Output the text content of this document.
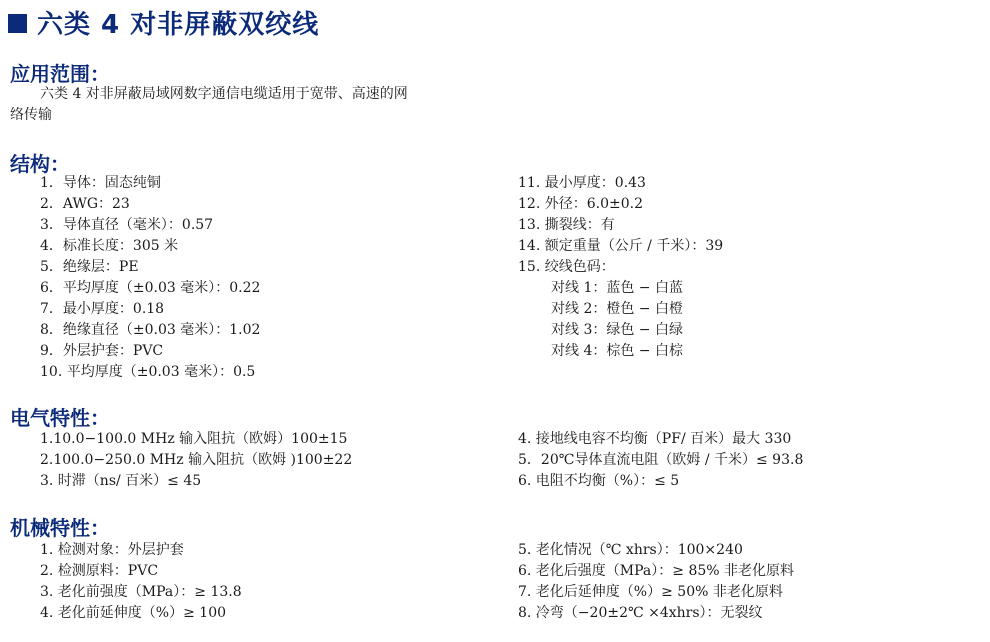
六类 4 对非屏蔽双绞线
应用范围：
六类 4 对非屏蔽局域网数字通信电缆适用于宽带、高速的网
络传输
结构：
1．导体：固态纯铜
2．AWG：23
3．导体直径（毫米）：0.57
4．标准长度：305 米
5．绝缘层：PE
6．平均厚度（±0.03 毫米）：0.22
7．最小厚度：0.18
8．绝缘直径（±0.03 毫米）：1.02
9．外层护套：PVC
10. 平均厚度（±0.03 毫米）：0.5
11. 最小厚度：0.43
12. 外径：6.0±0.2
13. 撕裂线：有
14. 额定重量（公斤 / 千米）：39
15. 绞线色码：
对线 1：蓝色 − 白蓝
对线 2：橙色 − 白橙
对线 3：绿色 − 白绿
对线 4：棕色 − 白棕
电气特性：
1.10.0−100.0 MHz 输入阻抗（欧姆）100±15
2.100.0−250.0 MHz 输入阻抗（欧姆 )100±22
3. 时滞（ns/ 百米）≤ 45
4. 接地线电容不均衡（PF/ 百米）最大 330
5．20℃导体直流电阻（欧姆 / 千米）≤ 93.8
6. 电阻不均衡（%）：≤ 5
机械特性：
1. 检测对象：外层护套
2. 检测原料：PVC
3. 老化前强度（MPa）：≥ 13.8
4. 老化前延伸度（%）≥ 100
5. 老化情况（℃ xhrs）：100×240
6. 老化后强度（MPa）：≥ 85% 非老化原料
7. 老化后延伸度（%）≥ 50% 非老化原料
8. 冷弯（−20±2℃ ×4xhrs）：无裂纹
